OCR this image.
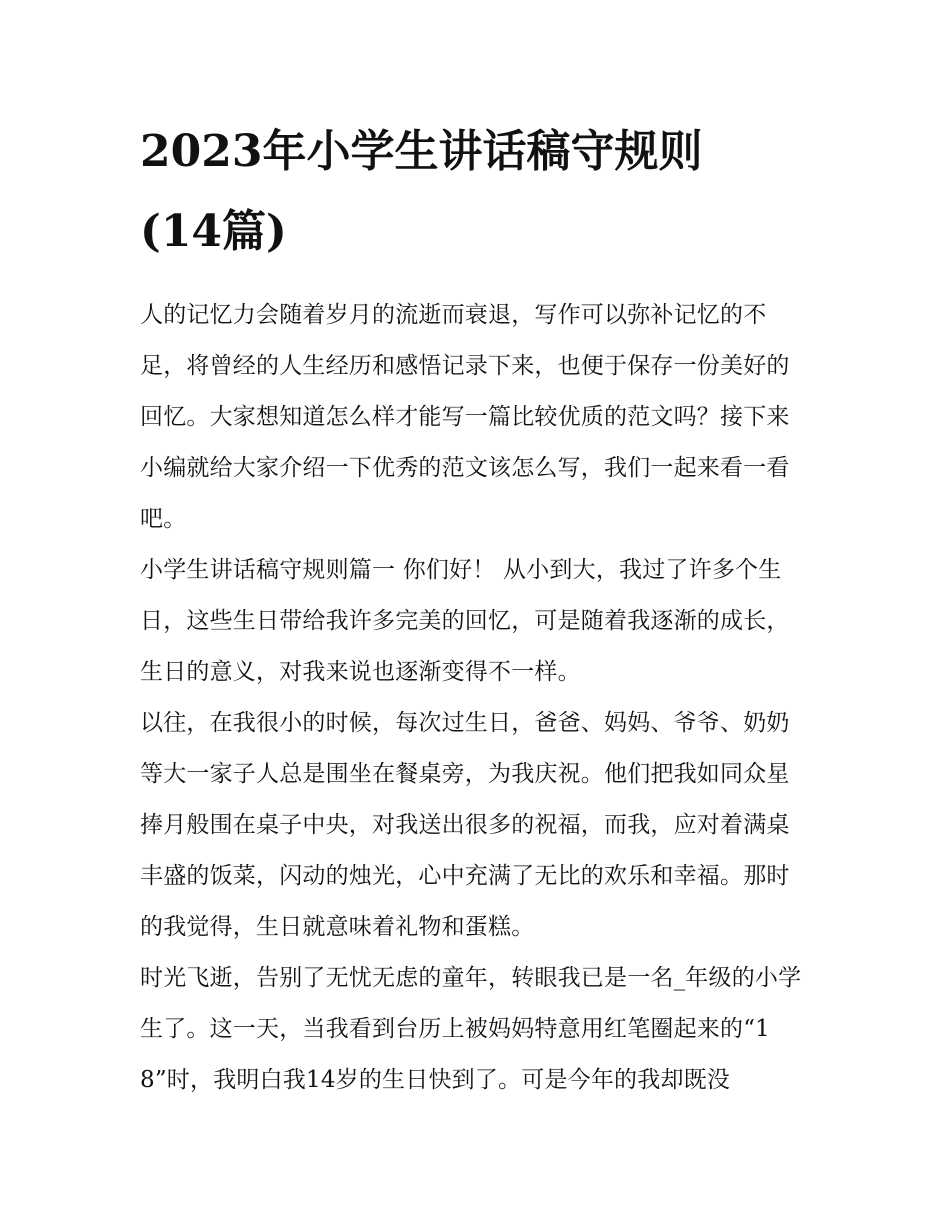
2023年小学生讲话稿守规则
(14篇)

人的记忆力会随着岁月的流逝而衰退，写作可以弥补记忆的不足，将曾经的人生经历和感悟记录下来，也便于保存一份美好的回忆。大家想知道怎么样才能写一篇比较优质的范文吗？接下来小编就给大家介绍一下优秀的范文该怎么写，我们一起来看一看吧。

小学生讲话稿守规则篇一 你们好！ 从小到大，我过了许多个生日，这些生日带给我许多完美的回忆，可是随着我逐渐的成长，生日的意义，对我来说也逐渐变得不一样。

以往，在我很小的时候，每次过生日，爸爸、妈妈、爷爷、奶奶等大一家子人总是围坐在餐桌旁，为我庆祝。他们把我如同众星捧月般围在桌子中央，对我送出很多的祝福，而我，应对着满桌丰盛的饭菜，闪动的烛光，心中充满了无比的欢乐和幸福。那时的我觉得，生日就意味着礼物和蛋糕。

时光飞逝，告别了无忧无虑的童年，转眼我已是一名_年级的小学生了。这一天，当我看到台历上被妈妈特意用红笔圈起来的“18”时，我明白我14岁的生日快到了。可是今年的我却既没
